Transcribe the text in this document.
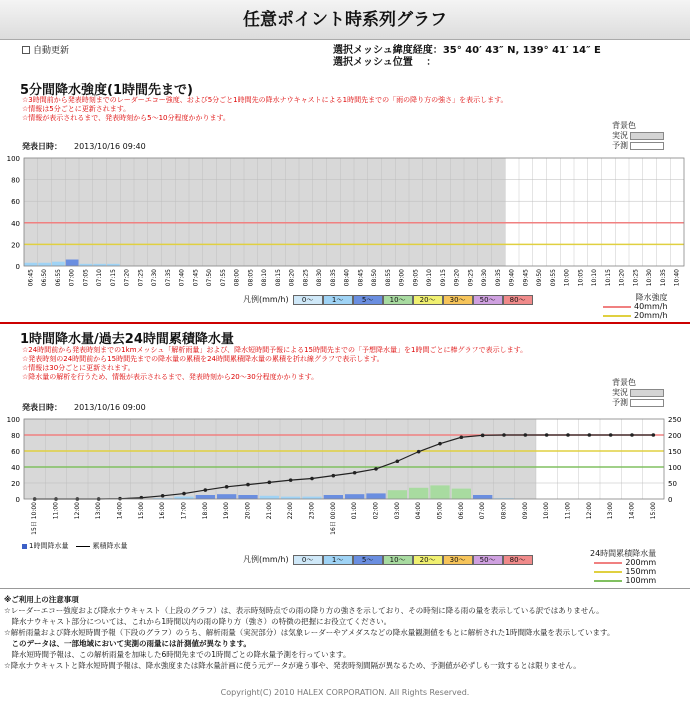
任意ポイント時系列グラフ
自動更新	選択メッシュ緯度経度：35° 40′ 43″ N, 139° 41′ 14″ E
選択メッシュ位置　 ：
5分間降水強度(1時間先まで)
☆3時間前から発表時刻までのレーダーエコー強度、および5分ごと1時間先の降水ナウキャストによる1時間先までの「雨の降り方の強さ」を表示します。
☆情報は5分ごとに更新されます。
☆情報が表示されるまで、発表時刻から5～10分程度かかります。
発表日時： 2013/10/16 09:40
背景色
実況
予測
0
20
40
60
80
100
06:45 06:50 06:55 07:00 07:05 07:10 07:15 07:20 07:25 07:30 07:35 07:40 07:45 07:50 07:55 08:00 08:05 08:10 08:15 08:20 08:25 08:30 08:35 08:40 08:45 08:50 08:55 09:00 09:05 09:10 09:15 09:20 09:25 09:30 09:35 09:40 09:45 09:50 09:55 10:00 10:05 10:10 10:15 10:20 10:25 10:30 10:35 10:40
凡例(mm/h)	0～	1～	5～	10～	20～	30～	50～	80～	降水強度
40mm/h
20mm/h
1時間降水量/過去24時間累積降水量
☆24時間前から発表時刻までの1kmメッシュ「解析雨量」および、降水短時間予報による15時間先までの「予想降水量」を1時間ごとに棒グラフで表示します。
☆発表時刻の24時間前から15時間先までの降水量の累積を24時間累積降水量の累積を折れ線グラフで表示します。
☆情報は30分ごとに更新されます。
☆降水量の解析を行うため、情報が表示されるまで、発表時刻から20～30分程度かかります。
発表日時： 2013/10/16 09:00
背景色
実況
予測
0
20
40
60
80
100
0
50
100
150
200
250
15日 10:00 11:00 12:00 13:00 14:00 15:00 16:00 17:00 18:00 19:00 20:00 21:00 22:00 23:00 16日 00:00 01:00 02:00 03:00 04:00 05:00 06:00 07:00 08:00 09:00 10:00 11:00 12:00 13:00 14:00 15:00
1時間降水量	累積降水量
凡例(mm/h)	0～	1～	5～	10～	20～	30～	50～	80～
24時間累積降水量
200mm
150mm
100mm

※ご利用上の注意事項

☆レーダーエコー強度および降水ナウキャスト（上段のグラフ）は、表示時刻時点での雨の降り方の強さを示しており、その時刻に降る雨の量を表示している訳ではありません。

　降水ナウキャスト部分については、これから1時間以内の雨の降り方（強さ）の特徴の把握にお役立てください。

☆解析雨量および降水短時間予報（下段のグラフ）のうち、解析雨量（実況部分）は気象レーダーやアメダスなどの降水量観測値をもとに解析された1時間降水量を表示しています。

　このデータは、一部地域において実測の雨量には計測値が異なります。

　降水短時間予報は、この解析雨量を加味した6時間先までの1時間ごとの降水量予測を行っています。

☆降水ナウキャストと降水短時間予報は、降水強度または降水量計画に使う元データが違う事や、発表時刻間隔が異なるため、予測値が必ずしも一致するとは限りません。

Copyright(C) 2010 HALEX CORPORATION. All Rights Reserved.
